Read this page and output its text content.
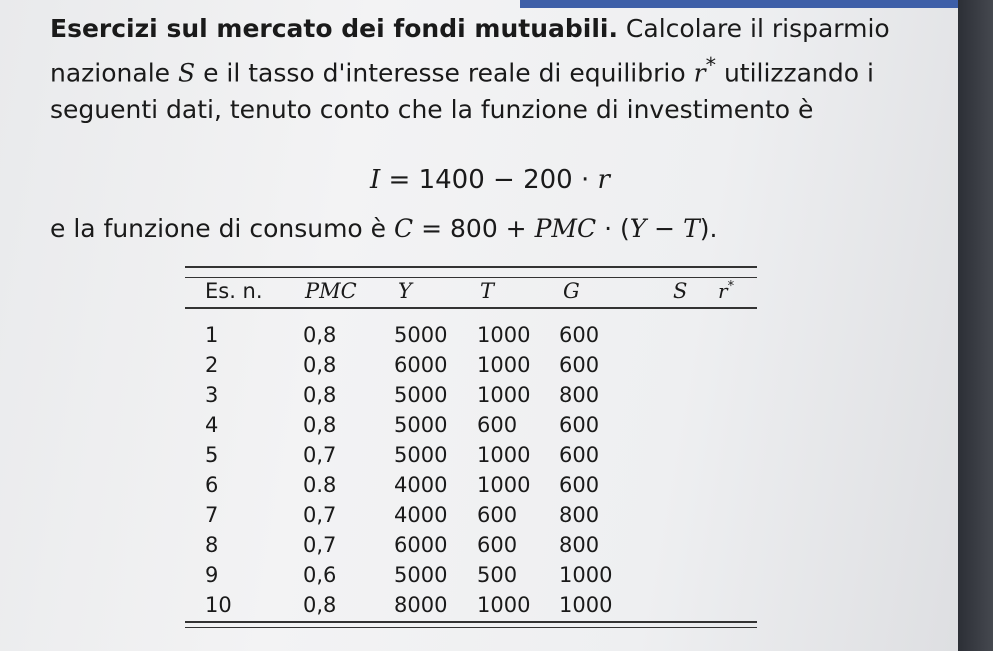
Esercizi sul mercato dei fondi mutuabili. Calcolare il risparmio nazionale S e il tasso d'interesse reale di equilibrio r* utilizzando i seguenti dati, tenuto conto che la funzione di investimento è

I = 1400 − 200 · r
e la funzione di consumo è C = 800 + PMC · (Y − T).
Es. n. PMC Y	T	G	S r*
1	0,8	5000 1000 600
2	0,8	6000 1000 600
3	0,8	5000 1000 800
4	0,8	5000 600 600
5	0,7	5000 1000 600
6	0.8	4000 1000 600
7	0,7	4000 600 800
8	0,7	6000 600 800
9	0,6	5000 500 1000
10	0,8	8000 1000 1000
